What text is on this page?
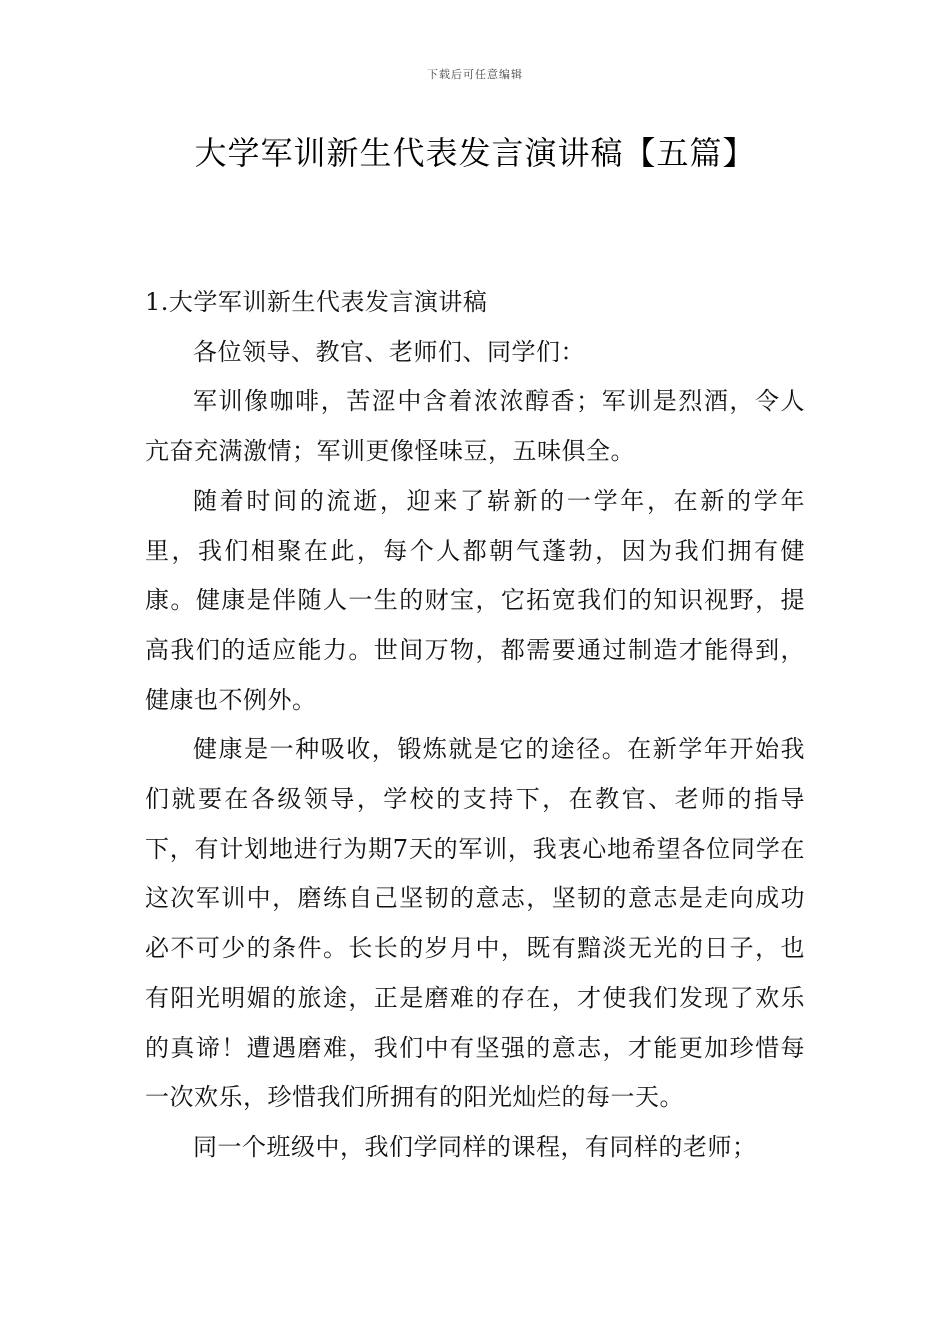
下载后可任意编辑
大学军训新生代表发言演讲稿【五篇】

1.大学军训新生代表发言演讲稿

各位领导、教官、老师们、同学们：

军训像咖啡，苦涩中含着浓浓醇香；军训是烈酒，令人亢奋充满激情；军训更像怪味豆，五味俱全。

随着时间的流逝，迎来了崭新的一学年，在新的学年里，我们相聚在此，每个人都朝气蓬勃，因为我们拥有健康。健康是伴随人一生的财宝，它拓宽我们的知识视野，提高我们的适应能力。世间万物，都需要通过制造才能得到，健康也不例外。

健康是一种吸收，锻炼就是它的途径。在新学年开始我们就要在各级领导，学校的支持下，在教官、老师的指导下，有计划地进行为期7天的军训，我衷心地希望各位同学在这次军训中，磨练自己坚韧的意志，坚韧的意志是走向成功必不可少的条件。长长的岁月中，既有黯淡无光的日子，也有阳光明媚的旅途，正是磨难的存在，才使我们发现了欢乐的真谛！遭遇磨难，我们中有坚强的意志，才能更加珍惜每一次欢乐，珍惜我们所拥有的阳光灿烂的每一天。

同一个班级中，我们学同样的课程，有同样的老师；
